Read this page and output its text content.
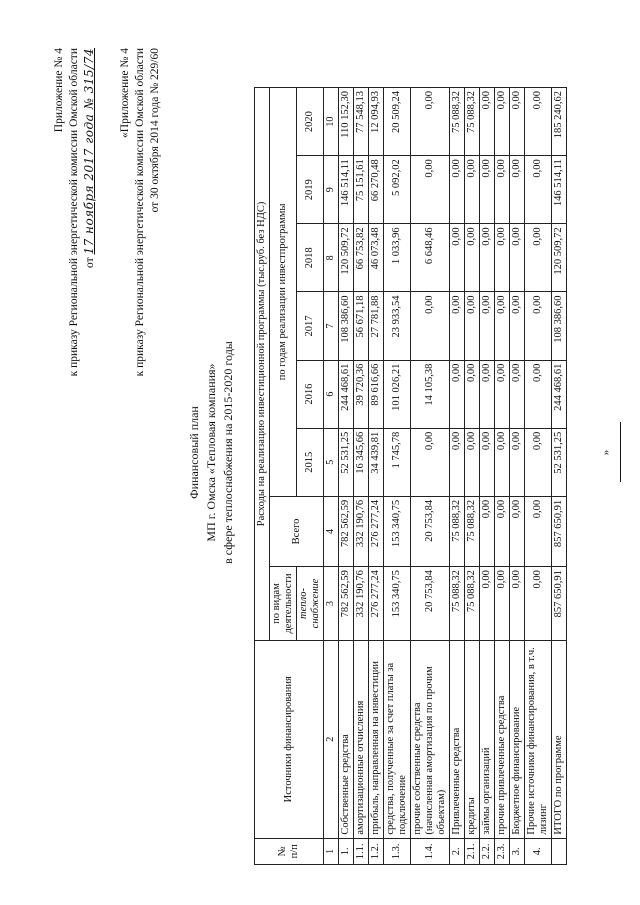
Приложение № 4 к приказу Региональной энергетической комиссии Омской области от 17 ноября 2017 года № 315/74 «Приложение № 4 к приказу Региональной энергетической комиссии Омской области от 30 октября 2014 года № 229/60
Финансовый план МП г. Омска «Тепловая компания» в сфере теплоснабжения на 2015-2020 годы
№ п/п	Источники финансирования	Расходы на реализацию инвестиционной программы (тыс.руб. без НДС)							
		по видам деятельности	Всего	по годам реализации инвестпрограммы					
		тепло-снабжение		2015	2016	2017	2018	2019	2020
1	2	3	4	5	6	7	8	9	10
1.	Собственные средства	782 562,59	782 562,59	52 531,25	244 468,61	108 386,60	120 509,72	146 514,11	110 152,30
1.1.	амортизационные отчисления	332 190,76	332 190,76	16 345,66	39 720,36	56 671,18	66 753,82	75 151,61	77 548,13
1.2.	прибыль, направленная на инвестиции	276 277,24	276 277,24	34 439,81	89 616,66	27 781,88	46 073,48	66 270,48	12 094,93
1.3.	средства, полученные за счет платы за подключение	153 340,75	153 340,75	1 745,78	101 026,21	23 933,54	1 033,96	5 092,02	20 509,24
1.4.	прочие собственные средства (начисленная амортизация по прочим объектам)	20 753,84	20 753,84	0,00	14 105,38	0,00	6 648,46	0,00	0,00
2.	Привлеченные средства	75 088,32	75 088,32	0,00	0,00	0,00	0,00	0,00	75 088,32
2.1.	кредиты	75 088,32	75 088,32	0,00	0,00	0,00	0,00	0,00	75 088,32
2.2.	займы организаций	0,00	0,00	0,00	0,00	0,00	0,00	0,00	0,00
2.3.	прочие привлеченные средства	0,00	0,00	0,00	0,00	0,00	0,00	0,00	0,00
3.	Бюджетное финансирование	0,00	0,00	0,00	0,00	0,00	0,00	0,00	0,00
4.	Прочие источники финансирования, в т.ч. лизинг	0,00	0,00	0,00	0,00	0,00	0,00	0,00	0,00
	ИТОГО по программе	857 650,91	857 650,91	52 531,25	244 468,61	108 386,60	120 509,72	146 514,11	185 240,62
»
